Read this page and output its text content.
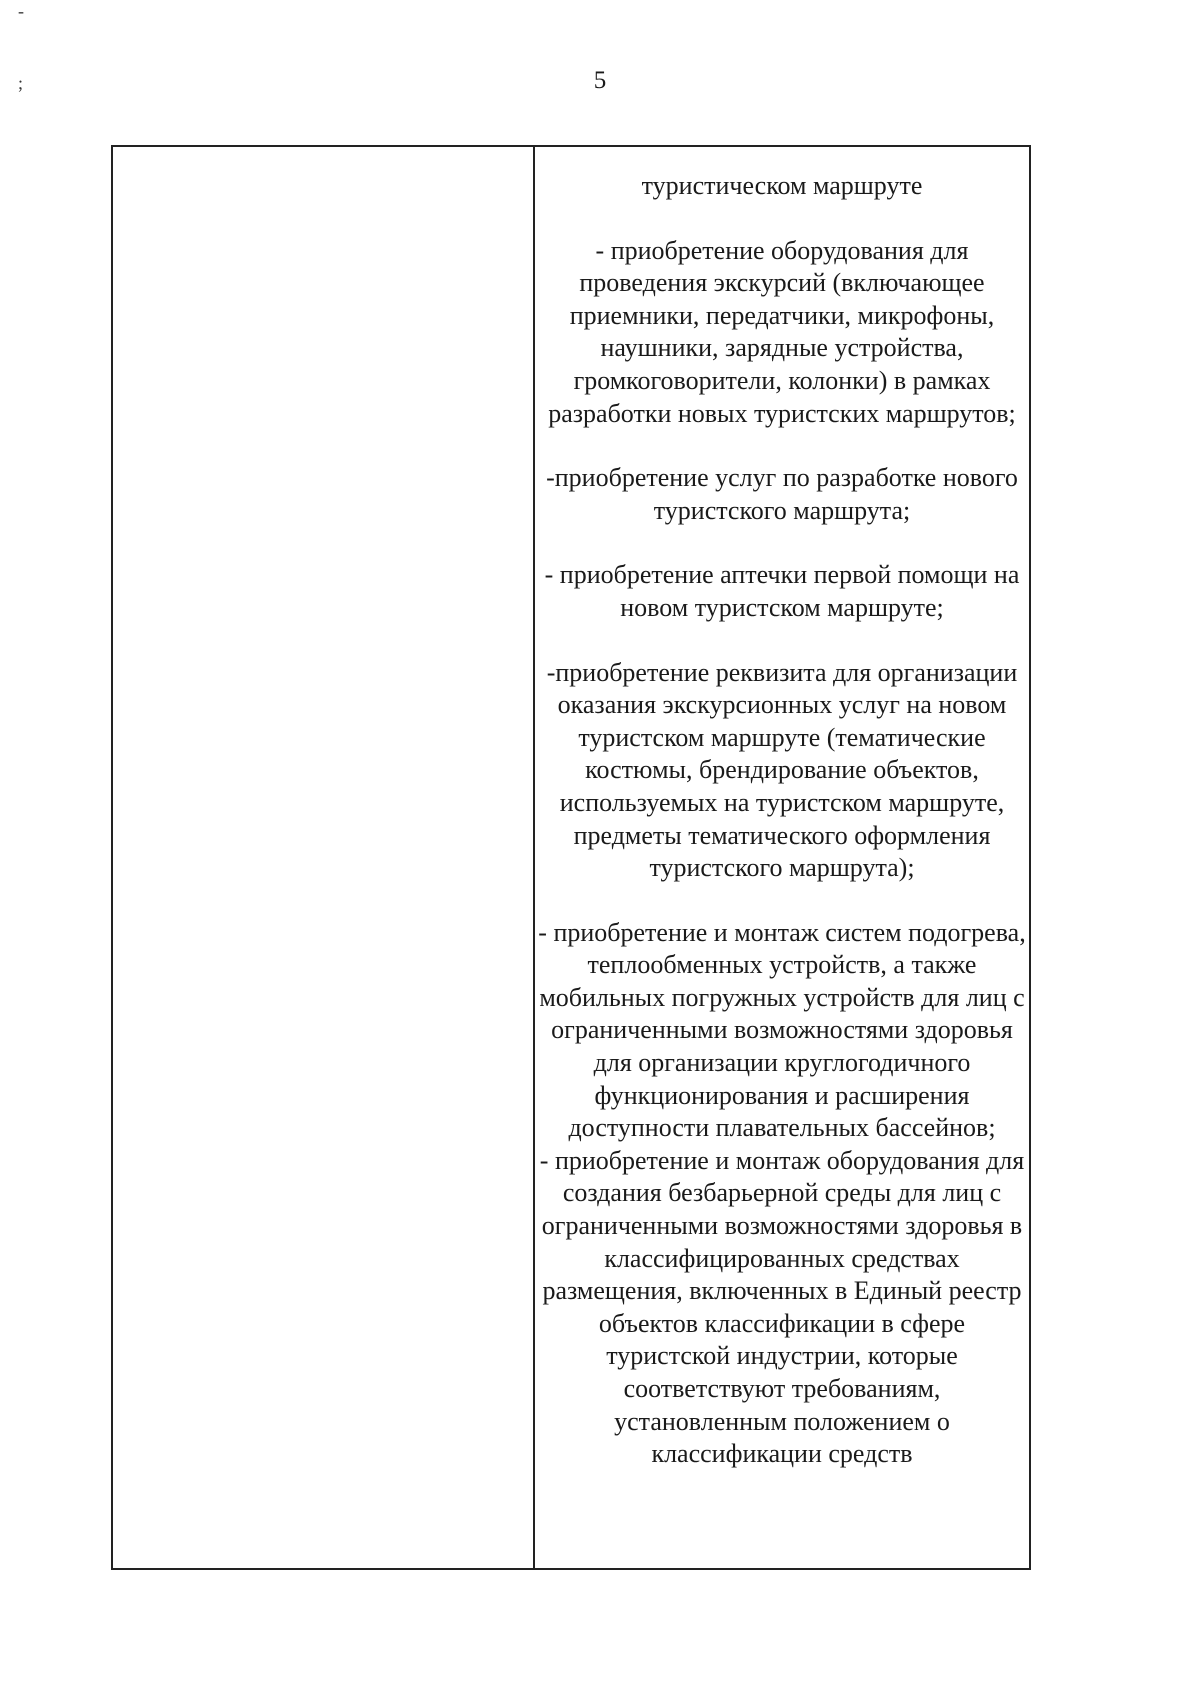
-
;	5

туристическом маршруте

- приобретение оборудования для проведения экскурсий (включающее приемники, передатчики, микрофоны, наушники, зарядные устройства, громкоговорители, колонки) в рамках разработки новых туристских маршрутов;

-приобретение услуг по разработке нового туристского маршрута;

- приобретение аптечки первой помощи на новом туристском маршруте;

-приобретение реквизита для организации оказания экскурсионных услуг на новом туристском маршруте (тематические костюмы, брендирование объектов, используемых на туристском маршруте, предметы тематического оформления туристского маршрута);

- приобретение и монтаж систем подогрева, теплообменных устройств, а также мобильных погружных устройств для лиц с ограниченными возможностями здоровья для организации круглогодичного функционирования и расширения доступности плавательных бассейнов;

- приобретение и монтаж оборудования для создания безбарьерной среды для лиц с ограниченными возможностями здоровья в классифицированных средствах размещения, включенных в Единый реестр объектов классификации в сфере туристской индустрии, которые соответствуют требованиям, установленным положением о классификации средств
